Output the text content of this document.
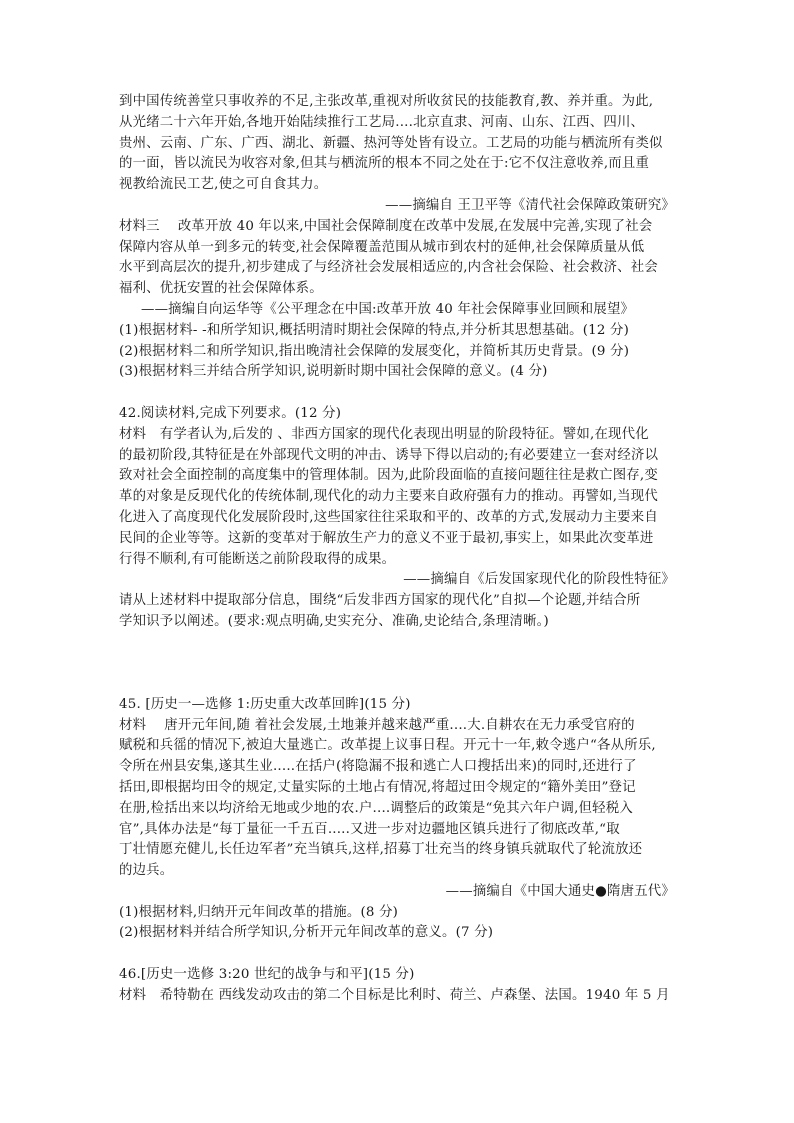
到中国传统善堂只事收养的不足,主张改革,重视对所收贫民的技能教育,教、养并重。为此,
从光绪二十六年开始,各地开始陆续推行工艺局....北京直隶、河南、山东、江西、四川、
贵州、云南、广东、广西、湖北、新疆、热河等处皆有设立。工艺局的功能与栖流所有类似
的一面，皆以流民为收容对象,但其与栖流所的根本不同之处在于:它不仅注意收养,而且重
视教给流民工艺,使之可自食其力。
——摘编自 王卫平等《清代社会保障政策研究》
材料三　 改革开放 40 年以来,中国社会保障制度在改革中发展,在发展中完善,实现了社会
保障内容从单一到多元的转变,社会保障覆盖范围从城市到农村的延伸,社会保障质量从低
水平到高层次的提升,初步建成了与经济社会发展相适应的,内含社会保险、社会救济、社会
福利、优抚安置的社会保障体系。
——摘编自向运华等《公平理念在中国:改革开放 40 年社会保障事业回顾和展望》
(1)根据材料- -和所学知识,概括明清时期社会保障的特点,并分析其思想基础。(12 分)
(2)根据材料二和所学知识,指出晚清社会保障的发展变化，并简析其历史背景。(9 分)
(3)根据材料三并结合所学知识,说明新时期中国社会保障的意义。(4 分)
42.阅读材料,完成下列要求。(12 分)
材料　有学者认为,后发的 、非西方国家的现代化表现出明显的阶段特征。譬如,在现代化
的最初阶段,其特征是在外部现代文明的冲击、诱导下得以启动的;有必要建立一套对经济以
致对社会全面控制的高度集中的管理体制。因为,此阶段面临的直接问题往往是救亡图存,变
革的对象是反现代化的传统体制,现代化的动力主要来自政府强有力的推动。再譬如,当现代
化进入了高度现代化发展阶段时,这些国家往往采取和平的、改革的方式,发展动力主要来自
民间的企业等等。这新的变革对于解放生产力的意义不亚于最初,事实上，如果此次变革进
行得不顺利,有可能断送之前阶段取得的成果。
——摘编自《后发国家现代化的阶段性特征》
请从上述材料中提取部分信息，围绕“后发非西方国家的现代化”自拟—个论题,并结合所
学知识予以阐述。(要求:观点明确,史实充分、准确,史论结合,条理清晰。)
45. [历史一—选修 1:历史重大改革回眸](15 分)
材料　 唐开元年间,随 着社会发展,土地兼并越来越严重....大.自耕农在无力承受官府的
赋税和兵徭的情况下,被迫大量逃亡。改革提上议事日程。开元十一年,敕令逃户“各从所乐,
令所在州县安集,遂其生业.....在括户(将隐漏不报和逃亡人口搜括出来)的同时,还进行了
括田,即根据均田令的规定,丈量实际的土地占有情况,将超过田令规定的“籍外美田”登记
在册,检括出来以均济给无地或少地的农.户....调整后的政策是“免其六年户调,但轻税入
官”,具体办法是“每丁量征一千五百.....又进一步对边疆地区镇兵进行了彻底改革,“取
丁壮情愿充健儿,长任边军者”充当镇兵,这样,招募丁壮充当的终身镇兵就取代了轮流放还
的边兵。
——摘编自《中国大通史●隋唐五代》
(1)根据材料,归纳开元年间改革的措施。(8 分)
(2)根据材料并结合所学知识,分析开元年间改革的意义。(7 分)
46.[历史一选修 3:20 世纪的战争与和平](15 分)
材料　希特勒在 西线发动攻击的第二个目标是比利时、荷兰、卢森堡、法国。1940 年 5 月
